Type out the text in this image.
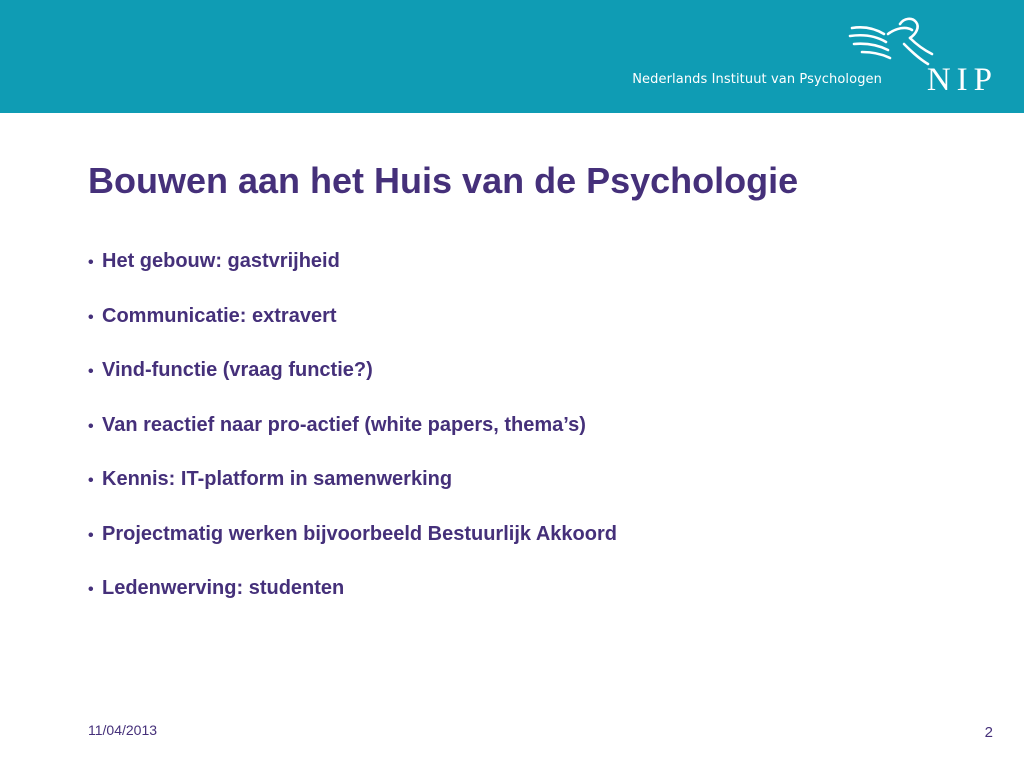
Nederlands Instituut van Psychologen NIP
Bouwen aan het Huis van de Psychologie
• Het gebouw: gastvrijheid
• Communicatie: extravert
• Vind-functie (vraag functie?)
• Van reactief naar pro-actief (white papers, thema’s)
• Kennis: IT-platform in samenwerking
• Projectmatig werken bijvoorbeeld Bestuurlijk Akkoord
• Ledenwerving: studenten
11/04/2013	2
